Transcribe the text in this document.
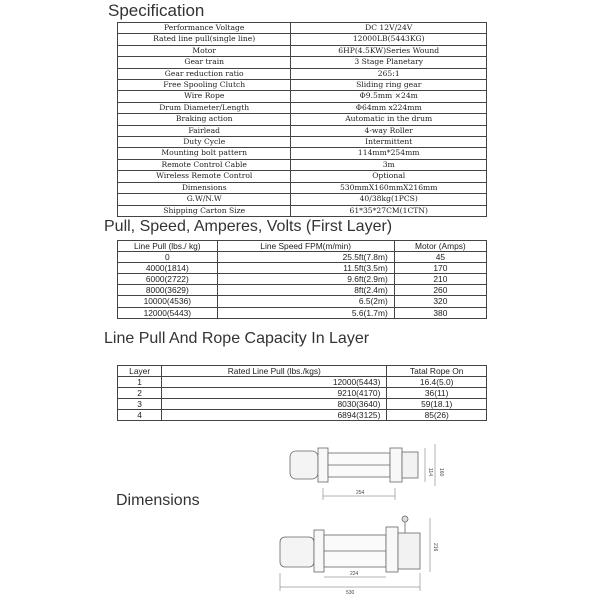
Specification
Performance Voltage	DC 12V/24V
Rated line pull(single line)	12000LB(5443KG)
Motor	6HP(4.5KW)Series Wound
Gear train	3 Stage Planetary
Gear reduction ratio	265:1
Free Spooling Clutch	Sliding ring gear
Wire Rope	Φ9.5mm ×24m
Drum Diameter/Length	Φ64mm x224mm
Braking action	Automatic in the drum
Fairlead	4-way Roller
Duty Cycle	Intermittent
Mounting bolt pattern	114mm*254mm
Remote Control Cable	3m
Wireless Remote Control	Optional
Dimensions	530mmX160mmX216mm
G.W/N.W	40/38kg(1PCS)
Shipping Carton Size	61*35*27CM(1CTN)
Pull, Speed, Amperes, Volts (First Layer)
Line Pull (lbs./ kg)	Line Speed FPM(m/min)	Motor (Amps)
0	25.5ft(7.8m)	45
4000(1814)	11.5ft(3.5m)	170
6000(2722)	9.6ft(2.9m)	210
8000(3629)	8ft(2.4m)	260
10000(4536)	6.5(2m)	320
12000(5443)	5.6(1.7m)	380
Line Pull And Rope Capacity In Layer
Layer	Rated Line Pull (lbs./kgs)	Tatal Rope On
1	12000(5443)	16.4(5.0)
2	9210(4170)	36(11)
3	8030(3640)	59(18.1)
4	6894(3125)	85(26)
254
160
114
Dimensions
224
530
216
